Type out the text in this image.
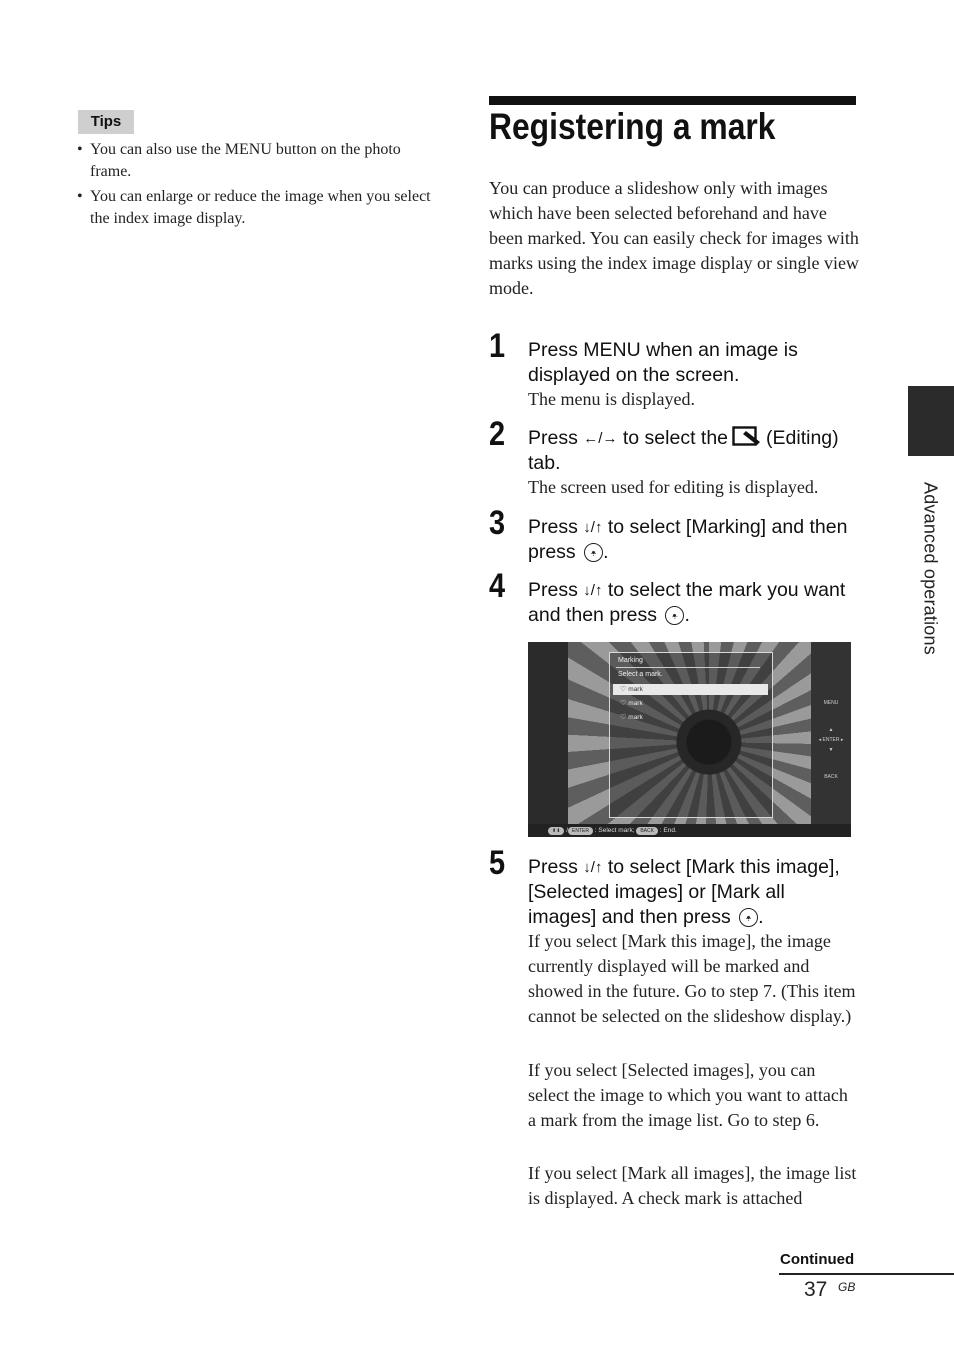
Tips
• You can also use the MENU button on the photo frame.
• You can enlarge or reduce the image when you select the index image display.
Registering a mark
You can produce a slideshow only with images which have been selected beforehand and have been marked. You can easily check for images with marks using the index image display or single view mode.
1 Press MENU when an image is displayed on the screen.
The menu is displayed.
2 Press ←/→ to select the (Editing) tab.
The screen used for editing is displayed.
3 Press ↓/↑ to select [Marking] and then press ⁘ .
4 Press ↓/↑ to select the mark you want and then press ⁘ .
Marking
Select a mark.
♡ mark
♡ mark
♡ mark
MENU
▲
◂ ENTER ▸
▼
BACK
⬆⬇ / ENTER : Select mark; BACK : End.
5 Press ↓/↑ to select [Mark this image], [Selected images] or [Mark all images] and then press ⁘ .
If you select [Mark this image], the image currently displayed will be marked and showed in the future. Go to step 7. (This item cannot be selected on the slideshow display.)
If you select [Selected images], you can select the image to which you want to attach a mark from the image list. Go to step 6.
If you select [Mark all images], the image list is displayed. A check mark is attached
Advanced operations
Continued
37 GB
